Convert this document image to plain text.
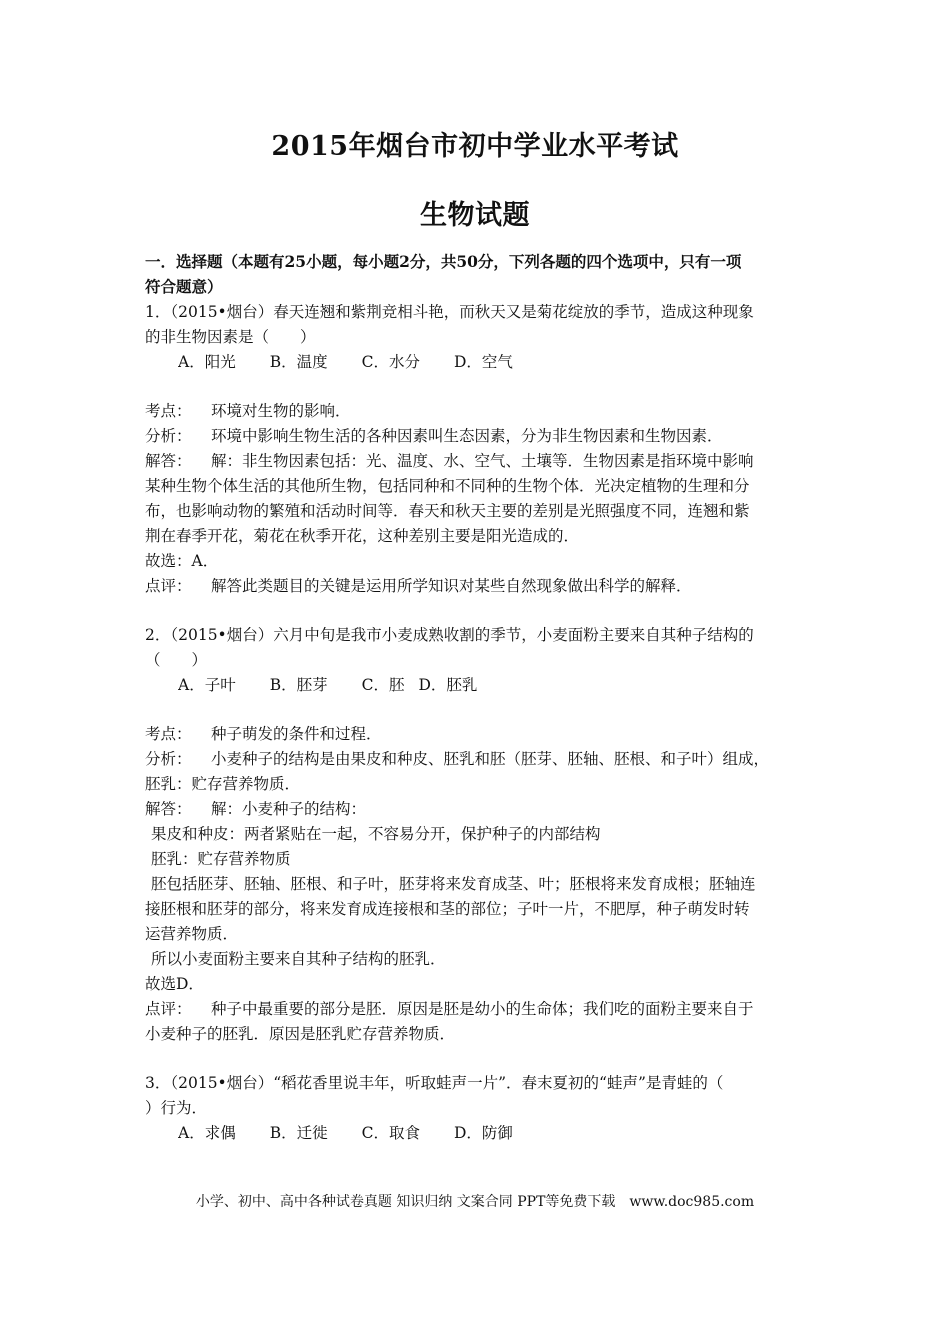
2015年烟台市初中学业水平考试
生物试题
一．选择题（本题有25小题，每小题2分，共50分，下列各题的四个选项中，只有一项
符合题意）
1．（2015•烟台）春天连翘和紫荆竞相斗艳，而秋天又是菊花绽放的季节，造成这种现象
的非生物因素是（　　）
A．阳光 B．温度 C．水分 D．空气
考点： 环境对生物的影响．
分析： 环境中影响生物生活的各种因素叫生态因素，分为非生物因素和生物因素．
解答： 解：非生物因素包括：光、温度、水、空气、土壤等．生物因素是指环境中影响
某种生物个体生活的其他所生物，包括同种和不同种的生物个体．光决定植物的生理和分
布，也影响动物的繁殖和活动时间等．春天和秋天主要的差别是光照强度不同，连翘和紫
荆在春季开花，菊花在秋季开花，这种差别主要是阳光造成的．
故选：A．
点评： 解答此类题目的关键是运用所学知识对某些自然现象做出科学的解释．
2．（2015•烟台）六月中旬是我市小麦成熟收割的季节，小麦面粉主要来自其种子结构的
（　　）
A．子叶 B．胚芽 C．胚 D．胚乳
考点： 种子萌发的条件和过程．
分析： 小麦种子的结构是由果皮和种皮、胚乳和胚（胚芽、胚轴、胚根、和子叶）组成，
胚乳：贮存营养物质．
解答： 解：小麦种子的结构：
果皮和种皮：两者紧贴在一起，不容易分开，保护种子的内部结构
胚乳：贮存营养物质
胚包括胚芽、胚轴、胚根、和子叶，胚芽将来发育成茎、叶；胚根将来发育成根；胚轴连
接胚根和胚芽的部分，将来发育成连接根和茎的部位；子叶一片，不肥厚，种子萌发时转
运营养物质．
所以小麦面粉主要来自其种子结构的胚乳．
故选D．
点评： 种子中最重要的部分是胚．原因是胚是幼小的生命体；我们吃的面粉主要来自于
小麦种子的胚乳．原因是胚乳贮存营养物质．
3．（2015•烟台）“稻花香里说丰年，听取蛙声一片”．春末夏初的“蛙声”是青蛙的（
）行为．
A．求偶 B．迁徙 C．取食 D．防御
小学、初中、高中各种试卷真题 知识归纳 文案合同 PPT等免费下载　www.doc985.com
